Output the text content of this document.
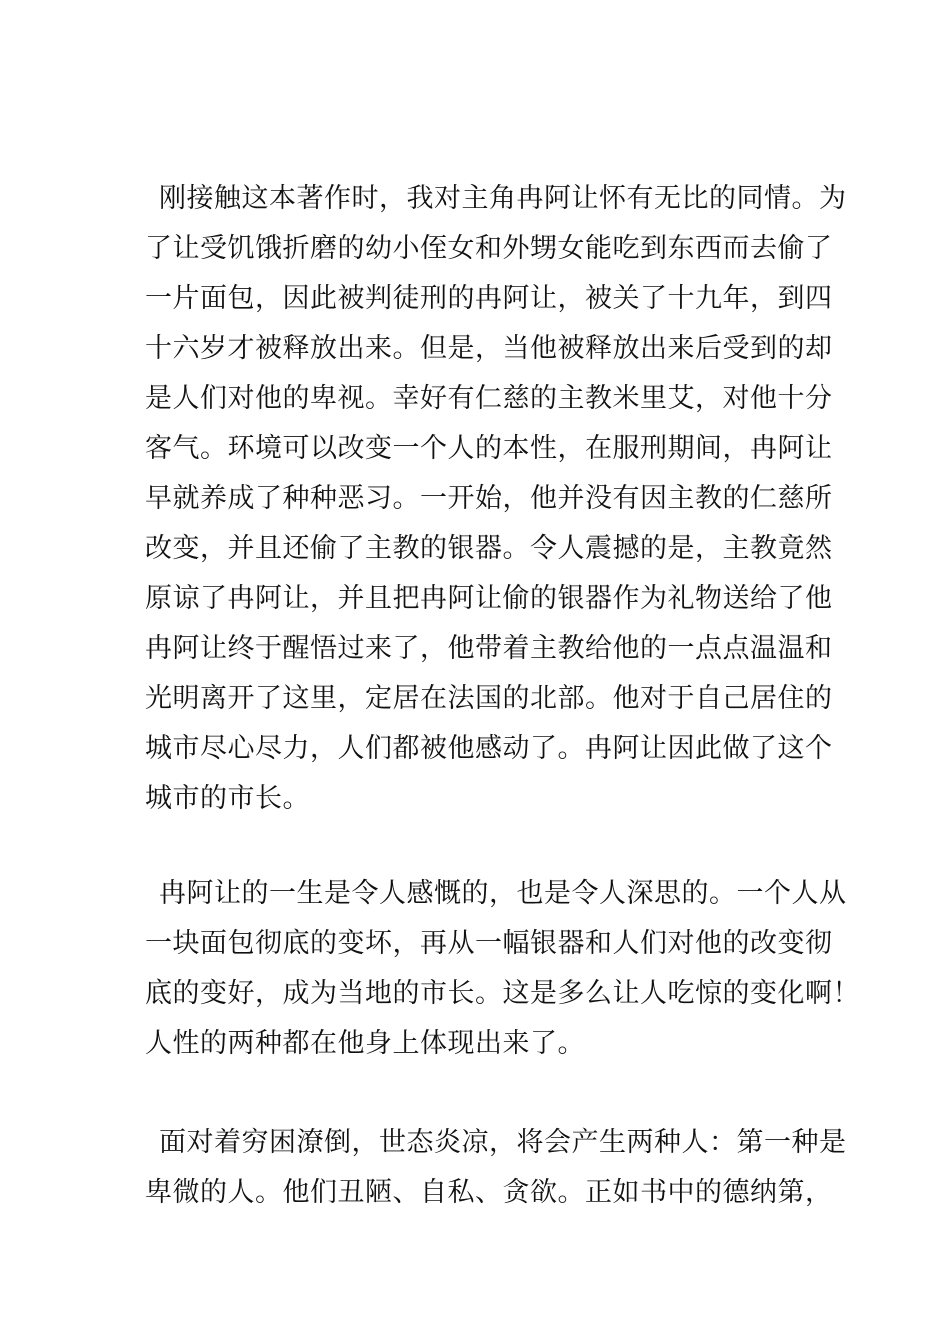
刚接触这本著作时，我对主角冉阿让怀有无比的同情。为
了让受饥饿折磨的幼小侄女和外甥女能吃到东西而去偷了
一片面包，因此被判徒刑的冉阿让，被关了十九年，到四
十六岁才被释放出来。但是，当他被释放出来后受到的却
是人们对他的卑视。幸好有仁慈的主教米里艾，对他十分
客气。环境可以改变一个人的本性，在服刑期间，冉阿让
早就养成了种种恶习。一开始，他并没有因主教的仁慈所
改变，并且还偷了主教的银器。令人震撼的是，主教竟然
原谅了冉阿让，并且把冉阿让偷的银器作为礼物送给了他
冉阿让终于醒悟过来了，他带着主教给他的一点点温温和
光明离开了这里，定居在法国的北部。他对于自己居住的
城市尽心尽力，人们都被他感动了。冉阿让因此做了这个
城市的市长。
冉阿让的一生是令人感慨的，也是令人深思的。一个人从
一块面包彻底的变坏，再从一幅银器和人们对他的改变彻
底的变好，成为当地的市长。这是多么让人吃惊的变化啊！
人性的两种都在他身上体现出来了。
面对着穷困潦倒，世态炎凉，将会产生两种人：第一种是
卑微的人。他们丑陋、自私、贪欲。正如书中的德纳第，
